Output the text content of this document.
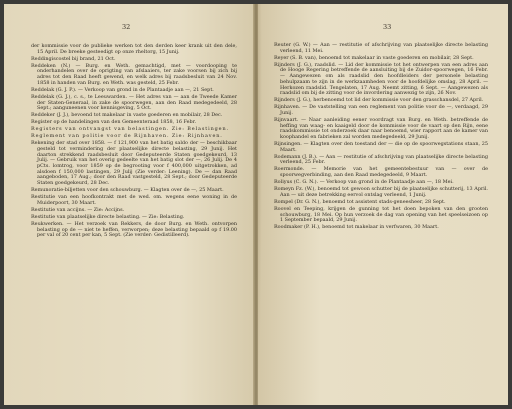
32

der kommissie voor de publieke werken tot den derden keer krank uit den dele, 15 April. De breeke gesteedigt op onze rheltorg, 15 Junij.

Reddingiscostel bij brand, 21 Oct.

Reddeken (N.) — Burg. en Weth. gemachtigd, met — voordooping te onderhandelen over de oprigting van afslaaiers, ter zake voorsen bij zich bij adres tot den Raad heeft gewend, en welk adres bij raadsbesluit van 24 Nov. 1858 in handen van Burg. en Weth. was gesteld, 25 Febr.

Reddelak (G. J. P.). — Verkoop van grond in de Plantaadje aan —, 21 Sept.

Reddelak (G. J.), c. s., te Leeuwarden. — Het adres van — aan de Tweede Kamer der Staten-Generaal, in zake de spoorwegen, aan den Raad medegedeeld, 28 Sept.; aanguneenen voor kennisgeving, 5 Oct.

Reddeker (J. J.), bevoend tot makelaar in vaste goederen en mobilair, 28 Dec.

Register op de handelingen van den Gemeenteraad 1858, 16 Febr.

Registers van ontvangst van belastingen. Zie: Belastingen.

Reglement van politie voor de Rijnhaven. Zie: Rijnhaven.

Rekening der stad over 1858. — f 121,900 van het batig saldo der — beschikbaar gesteld tot vermindering der plaatselijke directe belasting, 29 Junij. Het daarton strekkend raadsbesluit door Gedeputeerde Staten goedgekeurd, 13 Julij. — Gebruik van het overig gedeelte van het batig slot der —, 26 Julij. De 4 pCts. lomtrog, voor 1859 op de begrooting voor f 400,000 uitgetrokken, ad alsdoen f 150,000 lastingen, 29 Julij (Zie verder: Leening). De — dan Raad aangeboden, 17 Aug.; door den Raad vastgesteld, 28 Sept.; door Gedeputeerde Staten goedgekeurd, 28 Dec.

Remunoratie-biljetten voor den schouwburg. — Klagten over de —, 25 Maart.

Restitutie van een hoofkontrakt met de wed. om. wegens eene woning in de Muiderpoort, 30 Maart.

Restitutie van accijns. — Zie: Accijns.

Restitutie van plaatselijke directe belasting. — Zie: Belasting.

Reukwerken. — Het verzoek van Rekkers, de door Burg. en Weth. ontvorpen belasting op de — niet te heffen, verworpen; deze belasting bepaald op f 19.00 per val of 20 cent per kan, 5 Sept. (Zie verder: Gedistilleerd).

33

Reuter (G. W.) — Aan — restitutie of afschrijving van plaatselijke directe belasting verleend, 11 Mei.

Reyer (S. B. van), benoemd tot makelaar in vaste goederen en mobilair, 28 Sept.

Rijnders (J. G.), raadslid. — Lid der kommissie tot het ontwerpen van een adres aan de Hooge Regering betreffende de aansluiting bij de Zuidor-spoorwegen, 16 Febr. — Aangewezen om als raadslid den hoofdleiders der personele belasting behulpzaam te zijn in de werkzaamheden voor de hoofdelijke omslag, 28 April. — Herkozen raadslid. Tengelaten, 17 Aug. Neemt zitting, 6 Sept. — Aangewezen als raadslid om bij de zitting voor de invordering aanwezig te zijn, 26 Nov.

Rijnders (J. G.), herbenoemd tot lid der kommissie voor den grasschansdel, 27 April.

Rijnhaven. — De vaststelling van een reglement van politie voor de —, verdaagd, 29 Junij.

Rijnvaart. — Naar aanleiding eener voordragt van Burg. en Weth. betreffende de heffing van waag- en kaaigeld door de kommissie voor de vaart op den Rijn, eene raadskommissie tot onderzoek daar naar benoemd, wier rapport aan de kamer van koophandel en fabrieken zal worden medegedeeld, 29 Junij.

Rijnsingen. — Klagten over den toestand der — die op de spoorwegstations staan, 25 Maart.

Rodemann (J. B.). — Aan — restitutie of afschrijving van plaatselijke directe belasting verleend, 25 Febr.

Roermonde. — Memorie van het gemeentebestuur van — over de spoorwegverbinding, aan den Raad medegedeeld, 9 Maart.

Roliyus (C. G. N.). — Verkoop van grond in de Plantaadje aan —, 18 Mei.

Romeyn Fz. (W.), benoemd tot gewoon schutter bij de plaatselijke schutterij, 13 April. Aan — uit deze betrekking eervol ontslag verleend, 1 Junij.

Rompel (Dr. G. N.), benoemd tot assistent stads-geneesheer, 28 Sept.

Roovel en Teeping, krijgen de gunning tot het doen bepoken van den grooten schouwburg, 18 Mei. Op hun verzoek de dag van opening van het speelseizoen op 1 September bepaald, 29 Junij.

Roodmaker (P. H.), benoemd tot makelaar in verfwaren, 30 Maart.
